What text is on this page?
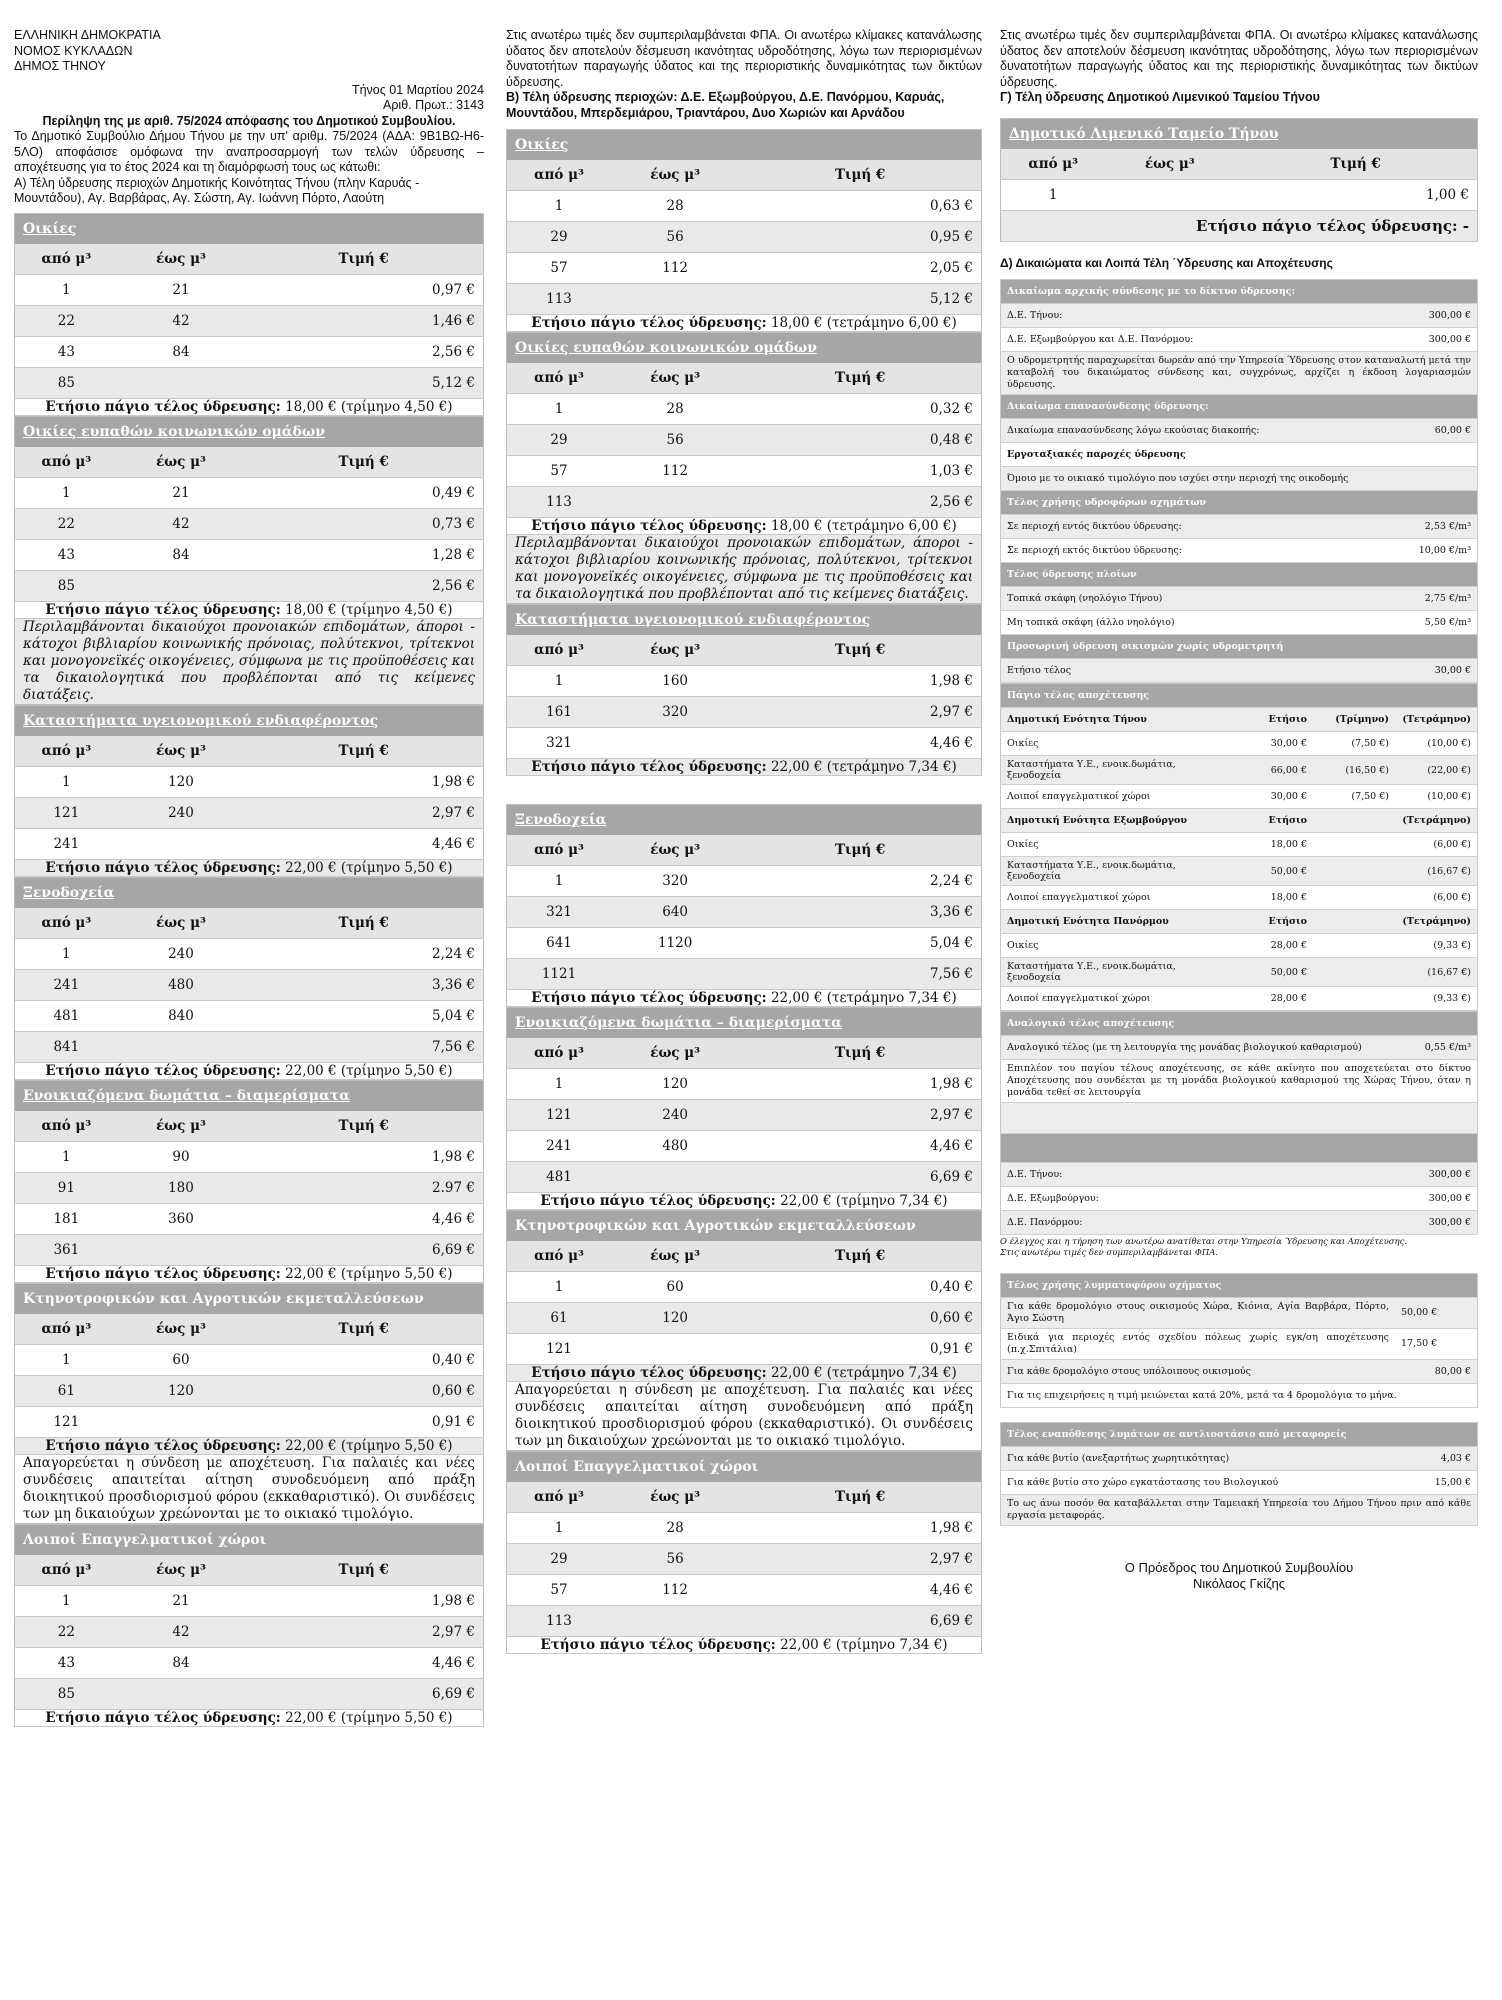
ΕΛΛΗΝΙΚΗ ΔΗΜΟΚΡΑΤΙΑ
ΝΟΜΟΣ ΚΥΚΛΑΔΩΝ
ΔΗΜΟΣ ΤΗΝΟΥ
Τήνος 01 Μαρτίου 2024
Αριθ. Πρωτ.: 3143
Περίληψη της με αριθ. 75/2024 απόφασης του Δημοτικού Συμβουλίου.
Το Δημοτικό Συμβούλιο Δήμου Τήνου με την υπ' αριθμ. 75/2024 (ΑΔΑ: 9Β1ΒΩ-Η6-5ΛΟ) αποφάσισε ομόφωνα την αναπροσαρμογή των τελών ύδρευσης – αποχέτευσης για το έτος 2024 και τη διαμόρφωσή τους ως κάτωθι:
Α) Τέλη ύδρευσης περιοχών Δημοτικής Κοινότητας Τήνου (πλην Καρυάς - Μουντάδου), Αγ. Βαρβάρας, Αγ. Σώστη, Αγ. Ιωάννη Πόρτο, Λαούτη
Οικίες		
από μ³	έως μ³	Τιμή €
1	21	0,97 €
22	42	1,46 €
43	84	2,56 €
85		5,12 €
Ετήσιο πάγιο τέλος ύδρευσης: 18,00 € (τρίμηνο 4,50 €)		
Οικίες ευπαθών κοινωνικών ομάδων		
από μ³	έως μ³	Τιμή €
1	21	0,49 €
22	42	0,73 €
43	84	1,28 €
85		2,56 €
Ετήσιο πάγιο τέλος ύδρευσης: 18,00 € (τρίμηνο 4,50 €)		
Περιλαμβάνονται δικαιούχοι προνοιακών επιδομάτων, άποροι - κάτοχοι βιβλιαρίου κοινωνικής πρόνοιας, πολύτεκνοι, τρίτεκνοι και μονογονεϊκές οικογένειες, σύμφωνα με τις προϋποθέσεις και τα δικαιολογητικά που προβλέπονται από τις κείμενες διατάξεις.		
Καταστήματα υγειονομικού ενδιαφέροντος		
από μ³	έως μ³	Τιμή €
1	120	1,98 €
121	240	2,97 €
241		4,46 €
Ετήσιο πάγιο τέλος ύδρευσης: 22,00 € (τρίμηνο 5,50 €)		
Ξενοδοχεία		
από μ³	έως μ³	Τιμή €
1	240	2,24 €
241	480	3,36 €
481	840	5,04 €
841		7,56 €
Ετήσιο πάγιο τέλος ύδρευσης: 22,00 € (τρίμηνο 5,50 €)		
Ενοικιαζόμενα δωμάτια – διαμερίσματα		
από μ³	έως μ³	Τιμή €
1	90	1,98 €
91	180	2.97 €
181	360	4,46 €
361		6,69 €
Ετήσιο πάγιο τέλος ύδρευσης: 22,00 € (τρίμηνο 5,50 €)		
Κτηνοτροφικών και Αγροτικών εκμεταλλεύσεων		
από μ³	έως μ³	Τιμή €
1	60	0,40 €
61	120	0,60 €
121		0,91 €
Ετήσιο πάγιο τέλος ύδρευσης: 22,00 € (τρίμηνο 5,50 €)		
Απαγορεύεται η σύνδεση με αποχέτευση. Για παλαιές και νέες συνδέσεις απαιτείται αίτηση συνοδευόμενη από πράξη διοικητικού προσδιορισμού φόρου (εκκαθαριστικό). Οι συνδέσεις των μη δικαιούχων χρεώνονται με το οικιακό τιμολόγιο.		
Λοιποί Επαγγελματικοί χώροι		
από μ³	έως μ³	Τιμή €
1	21	1,98 €
22	42	2,97 €
43	84	4,46 €
85		6,69 €
Ετήσιο πάγιο τέλος ύδρευσης: 22,00 € (τρίμηνο 5,50 €)		
Στις ανωτέρω τιμές δεν συμπεριλαμβάνεται ΦΠΑ. Οι ανωτέρω κλίμακες κατανάλωσης ύδατος δεν αποτελούν δέσμευση ικανότητας υδροδότησης, λόγω των περιορισμένων δυνατοτήτων παραγωγής ύδατος και της περιοριστικής δυναμικότητας των δικτύων ύδρευσης.
Β) Τέλη ύδρευσης περιοχών: Δ.Ε. Εξωμβούργου, Δ.Ε. Πανόρμου, Καρυάς, Μουντάδου, Μπερδεμιάρου, Τριαντάρου, Δυο Χωριών και Αρνάδου
Οικίες		
από μ³	έως μ³	Τιμή €
1	28	0,63 €
29	56	0,95 €
57	112	2,05 €
113		5,12 €
Ετήσιο πάγιο τέλος ύδρευσης: 18,00 € (τετράμηνο 6,00 €)		
Οικίες ευπαθών κοινωνικών ομάδων		
από μ³	έως μ³	Τιμή €
1	28	0,32 €
29	56	0,48 €
57	112	1,03 €
113		2,56 €
Ετήσιο πάγιο τέλος ύδρευσης: 18,00 € (τετράμηνο 6,00 €)		
Περιλαμβάνονται δικαιούχοι προνοιακών επιδομάτων, άποροι - κάτοχοι βιβλιαρίου κοινωνικής πρόνοιας, πολύτεκνοι, τρίτεκνοι και μονογονεϊκές οικογένειες, σύμφωνα με τις προϋποθέσεις και τα δικαιολογητικά που προβλέπονται από τις κείμενες διατάξεις.		
Καταστήματα υγειονομικού ενδιαφέροντος		
από μ³	έως μ³	Τιμή €
1	160	1,98 €
161	320	2,97 €
321		4,46 €
Ετήσιο πάγιο τέλος ύδρευσης: 22,00 € (τετράμηνο 7,34 €)		
Ξενοδοχεία		
από μ³	έως μ³	Τιμή €
1	320	2,24 €
321	640	3,36 €
641	1120	5,04 €
1121		7,56 €
Ετήσιο πάγιο τέλος ύδρευσης: 22,00 € (τετράμηνο 7,34 €)		
Ενοικιαζόμενα δωμάτια – διαμερίσματα		
από μ³	έως μ³	Τιμή €
1	120	1,98 €
121	240	2,97 €
241	480	4,46 €
481		6,69 €
Ετήσιο πάγιο τέλος ύδρευσης: 22,00 € (τρίμηνο 7,34 €)		
Κτηνοτροφικών και Αγροτικών εκμεταλλεύσεων		
από μ³	έως μ³	Τιμή €
1	60	0,40 €
61	120	0,60 €
121		0,91 €
Ετήσιο πάγιο τέλος ύδρευσης: 22,00 € (τετράμηνο 7,34 €)		
Απαγορεύεται η σύνδεση με αποχέτευση. Για παλαιές και νέες συνδέσεις απαιτείται αίτηση συνοδευόμενη από πράξη διοικητικού προσδιορισμού φόρου (εκκαθαριστικό). Οι συνδέσεις των μη δικαιούχων χρεώνονται με το οικιακό τιμολόγιο.		
Λοιποί Επαγγελματικοί χώροι		
από μ³	έως μ³	Τιμή €
1	28	1,98 €
29	56	2,97 €
57	112	4,46 €
113		6,69 €
Ετήσιο πάγιο τέλος ύδρευσης: 22,00 € (τρίμηνο 7,34 €)		
Στις ανωτέρω τιμές δεν συμπεριλαμβάνεται ΦΠΑ. Οι ανωτέρω κλίμακες κατανάλωσης ύδατος δεν αποτελούν δέσμευση ικανότητας υδροδότησης, λόγω των περιορισμένων δυνατοτήτων παραγωγής ύδατος και της περιοριστικής δυναμικότητας των δικτύων ύδρευσης.
Γ) Τέλη ύδρευσης Δημοτικού Λιμενικού Ταμείου Τήνου
Δημοτικό Λιμενικό Ταμείο Τήνου		
από μ³	έως μ³	Τιμή €
1		1,00 €
Ετήσιο πάγιο τέλος ύδρευσης: -		
Δ) Δικαιώματα και Λοιπά Τέλη ΄Υδρευσης και Αποχέτευσης
Δικαίωμα αρχικής σύνδεσης με το δίκτυο ύδρευσης:	
Δ.Ε. Τήνου:	300,00 €
Δ.Ε. Εξωμβούργου και Δ.Ε. Πανόρμου:	300,00 €
Ο υδρομετρητής παραχωρείται δωρεάν από την Υπηρεσία Ύδρευσης στον καταναλωτή μετά την καταβολή του δικαιώματος σύνδεσης και, συγχρόνως, αρχίζει η έκδοση λογαριασμών ύδρευσης.	
Δικαίωμα επανασύνδεσης ύδρευσης:	
Δικαίωμα επανασύνδεσης λόγω εκούσιας διακοπής:	60,00 €
Εργοταξιακές παροχές ύδρευσης	
Όμοιο με το οικιακό τιμολόγιο που ισχύει στην περιοχή της οικοδομής	
Τέλος χρήσης υδροφόρων οχημάτων	
Σε περιοχή εντός δικτύου ύδρευσης:	2,53 €/m³
Σε περιοχή εκτός δικτύου ύδρευσης:	10,00 €/m³
Τέλος ύδρευσης πλοίων	
Τοπικά σκάφη (νηολόγιο Τήνου)	2,75 €/m³
Μη τοπικά σκάφη (άλλο νηολόγιο)	5,50 €/m³
Προσωρινή ύδρευση οικισμών χωρίς υδρομετρητή	
Ετήσιο τέλος	30,00 €
Πάγιο τέλος αποχέτευσης			
Δημοτική Ενότητα Τήνου	Ετήσιο	(Τρίμηνο)	(Τετράμηνο)
Οικίες	30,00 €	(7,50 €)	(10,00 €)
Καταστήματα Υ.Ε., ενοικ.δωμάτια, ξενοδοχεία	66,00 €	(16,50 €)	(22,00 €)
Λοιποί επαγγελματικοί χώροι	30,00 €	(7,50 €)	(10,00 €)
Δημοτική Ενότητα Εξωμβούργου	Ετήσιο		(Τετράμηνο)
Οικίες	18,00 €		(6,00 €)
Καταστήματα Υ.Ε., ενοικ.δωμάτια, ξενοδοχεία	50,00 €		(16,67 €)
Λοιποί επαγγελματικοί χώροι	18,00 €		(6,00 €)
Δημοτική Ενότητα Πανόρμου	Ετήσιο		(Τετράμηνο)
Οικίες	28,00 €		(9,33 €)
Καταστήματα Υ.Ε., ενοικ.δωμάτια, ξενοδοχεία	50,00 €		(16,67 €)
Λοιποί επαγγελματικοί χώροι	28,00 €		(9,33 €)
Αναλογικό τέλος αποχέτευσης	
Αναλογικό τέλος (με τη λειτουργία της μονάδας βιολογικού καθαρισμού)	0,55 €/m³
Επιπλέον του παγίου τέλους αποχέτευσης, σε κάθε ακίνητο που αποχετεύεται στο δίκτυο Αποχέτευσης που συνδέεται με τη μονάδα βιολογικού καθαρισμού της Χώρας Τήνου, όταν η μονάδα τεθεί σε λειτουργία	

Δ.Ε. Τήνου:	300,00 €
Δ.Ε. Εξωμβούργου:	300,00 €
Δ.Ε. Πανόρμου:	300,00 €
Ο έλεγχος και η τήρηση των ανωτέρω ανατίθεται στην Υπηρεσία Ύδρευσης και Αποχέτευσης.
Στις ανωτέρω τιμές δεν συμπεριλαμβάνεται ΦΠΑ.
Τέλος χρήσης λυμματοφόρου οχήματος	
Για κάθε δρομολόγιο στους οικισμούς Χώρα, Κιόνια, Αγία Βαρβάρα, Πόρτο, Άγιο Σώστη	50,00 €
Ειδικά για περιοχές εντός σχεδίου πόλεως χωρίς εγκ/ση αποχέτευσης (π.χ.Σπιτάλια)	17,50 €
Για κάθε δρομολόγιο στους υπόλοιπους οικισμούς	80,00 €
Για τις επιχειρήσεις η τιμή μειώνεται κατά 20%, μετά τα 4 δρομολόγια το μήνα.	
Τέλος εναπόθεσης λυμάτων σε αντλιοστάσιο από μεταφορείς	
Για κάθε βυτίο (ανεξαρτήτως χωρητικότητας)	4,03 €
Για κάθε βυτίο στο χώρο εγκατάστασης του Βιολογικού	15,00 €
Το ως άνω ποσόν θα καταβάλλεται στην Ταμειακή Υπηρεσία του Δήμου Τήνου πριν από κάθε εργασία μεταφοράς.	
Ο Πρόεδρος του Δημοτικού Συμβουλίου
Νικόλαος Γκίζης
